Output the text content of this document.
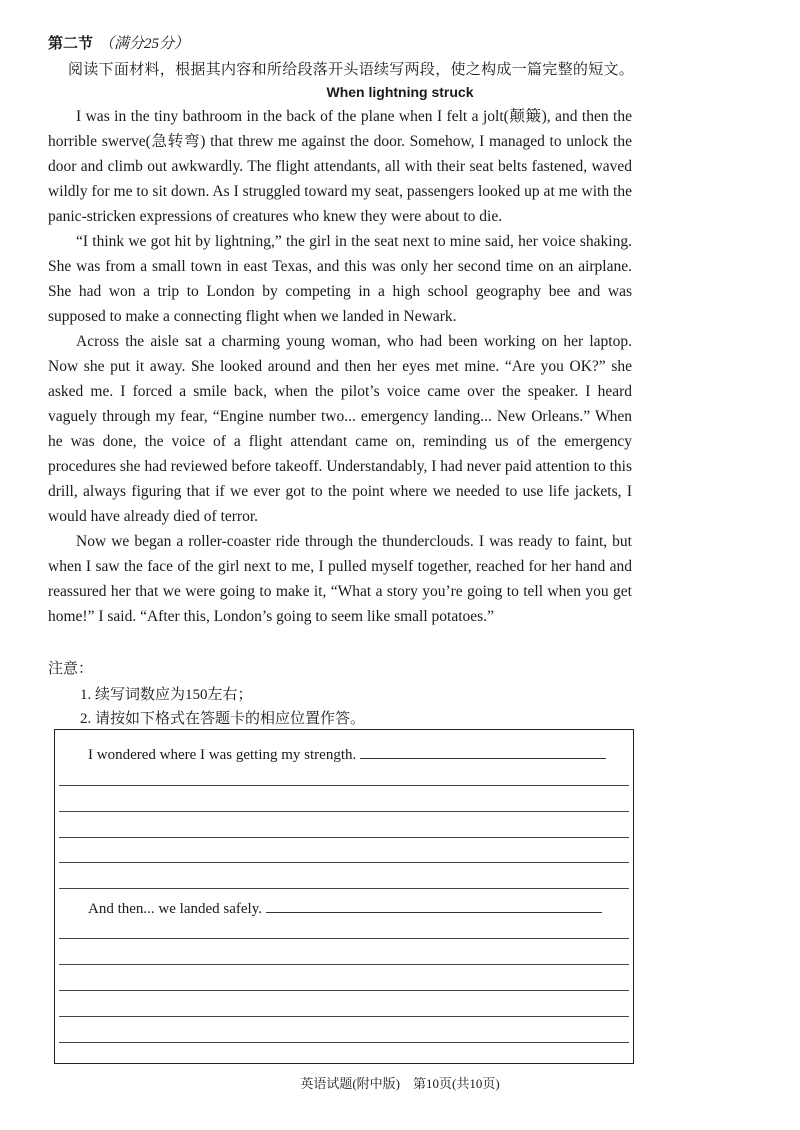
第二节 （满分25分）
阅读下面材料，根据其内容和所给段落开头语续写两段，使之构成一篇完整的短文。
When lightning struck

I was in the tiny bathroom in the back of the plane when I felt a jolt(颠簸), and then the horrible swerve(急转弯) that threw me against the door. Somehow, I managed to unlock the door and climb out awkwardly. The flight attendants, all with their seat belts fastened, waved wildly for me to sit down. As I struggled toward my seat, passengers looked up at me with the panic-stricken expressions of creatures who knew they were about to die.

“I think we got hit by lightning,” the girl in the seat next to mine said, her voice shaking. She was from a small town in east Texas, and this was only her second time on an airplane. She had won a trip to London by competing in a high school geography bee and was supposed to make a connecting flight when we landed in Newark.

Across the aisle sat a charming young woman, who had been working on her laptop. Now she put it away. She looked around and then her eyes met mine. “Are you OK?” she asked me. I forced a smile back, when the pilot’s voice came over the speaker. I heard vaguely through my fear, “Engine number two... emergency landing... New Orleans.” When he was done, the voice of a flight attendant came on, reminding us of the emergency procedures she had reviewed before takeoff. Understandably, I had never paid attention to this drill, always figuring that if we ever got to the point where we needed to use life jackets, I would have already died of terror.

Now we began a roller-coaster ride through the thunderclouds. I was ready to faint, but when I saw the face of the girl next to me, I pulled myself together, reached for her hand and reassured her that we were going to make it, “What a story you’re going to tell when you get home!” I said. “After this, London’s going to seem like small potatoes.”

注意：
1. 续写词数应为150左右；
2. 请按如下格式在答题卡的相应位置作答。
I wondered where I was getting my strength.
And then... we landed safely.
英语试题(附中版)　第10页(共10页)
